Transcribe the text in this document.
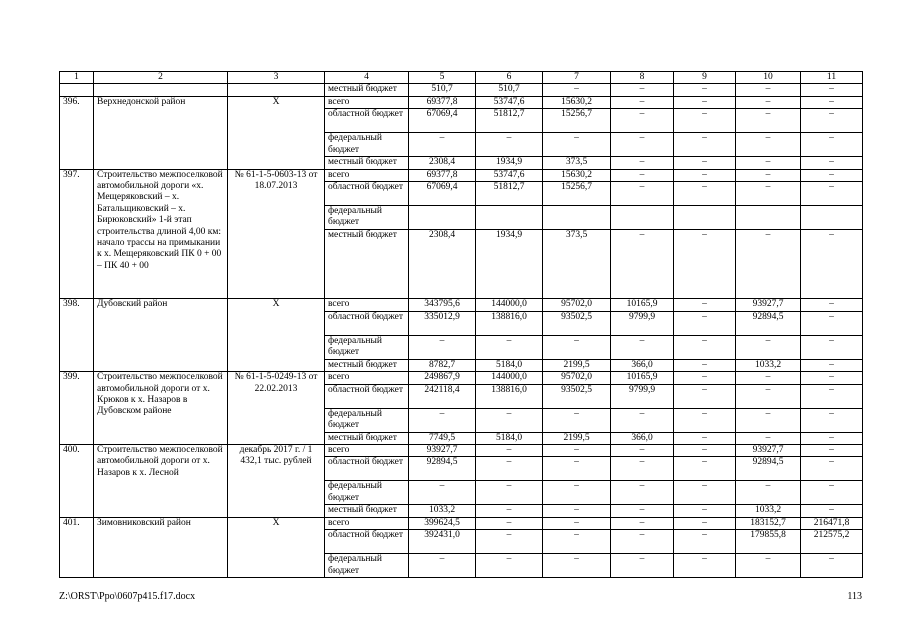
1	2	3	4	5	6	7	8	9	10	11
			местный бюджет	510,7	510,7	–	–	–	–	–
396.	Верхнедонской район	Х	всего	69377,8	53747,6	15630,2	–	–	–	–
			областной бюджет	67069,4	51812,7	15256,7	–	–	–	–
			федеральный бюджет	–	–	–	–	–	–	–
			местный бюджет	2308,4	1934,9	373,5	–	–	–	–
397.	Строительство межпоселковой автомобильной дороги «х. Мещеряковский – х. Батальщиковский – х. Бирюковский» 1-й этап строительства длиной 4,00 км: начало трассы на примыкании к х. Мещеряковский ПК 0 + 00 – ПК 40 + 00	№ 61-1-5-0603-13 от 18.07.2013	всего	69377,8	53747,6	15630,2	–	–	–	–
			областной бюджет	67069,4	51812,7	15256,7	–	–	–	–
			федеральный бюджет							
			местный бюджет	2308,4	1934,9	373,5	–	–	–	–
398.	Дубовский район	Х	всего	343795,6	144000,0	95702,0	10165,9	–	93927,7	–
			областной бюджет	335012,9	138816,0	93502,5	9799,9	–	92894,5	–
			федеральный бюджет	–	–	–	–	–	–	–
			местный бюджет	8782,7	5184,0	2199,5	366,0	–	1033,2	–
399.	Строительство межпоселковой автомобильной дороги от х. Крюков к х. Назаров в Дубовском районе	№ 61-1-5-0249-13 от 22.02.2013	всего	249867,9	144000,0	95702,0	10165,9	–	–	–
			областной бюджет	242118,4	138816,0	93502,5	9799,9	–	–	–
			федеральный бюджет	–	–	–	–	–	–	–
			местный бюджет	7749,5	5184,0	2199,5	366,0	–	–	–
400.	Строительство межпоселковой автомобильной дороги от х. Назаров к х. Лесной	декабрь 2017 г. / 1 432,1 тыс. рублей	всего	93927,7	–	–	–	–	93927,7	–
			областной бюджет	92894,5	–	–	–	–	92894,5	–
			федеральный бюджет	–	–	–	–	–	–	–
			местный бюджет	1033,2	–	–	–	–	1033,2	–
401.	Зимовниковский район	Х	всего	399624,5	–	–	–	–	183152,7	216471,8
			областной бюджет	392431,0	–	–	–	–	179855,8	212575,2
			федеральный бюджет	–	–	–	–	–	–	–
Z:\ORST\Ppo\0607p415.f17.docx	113
